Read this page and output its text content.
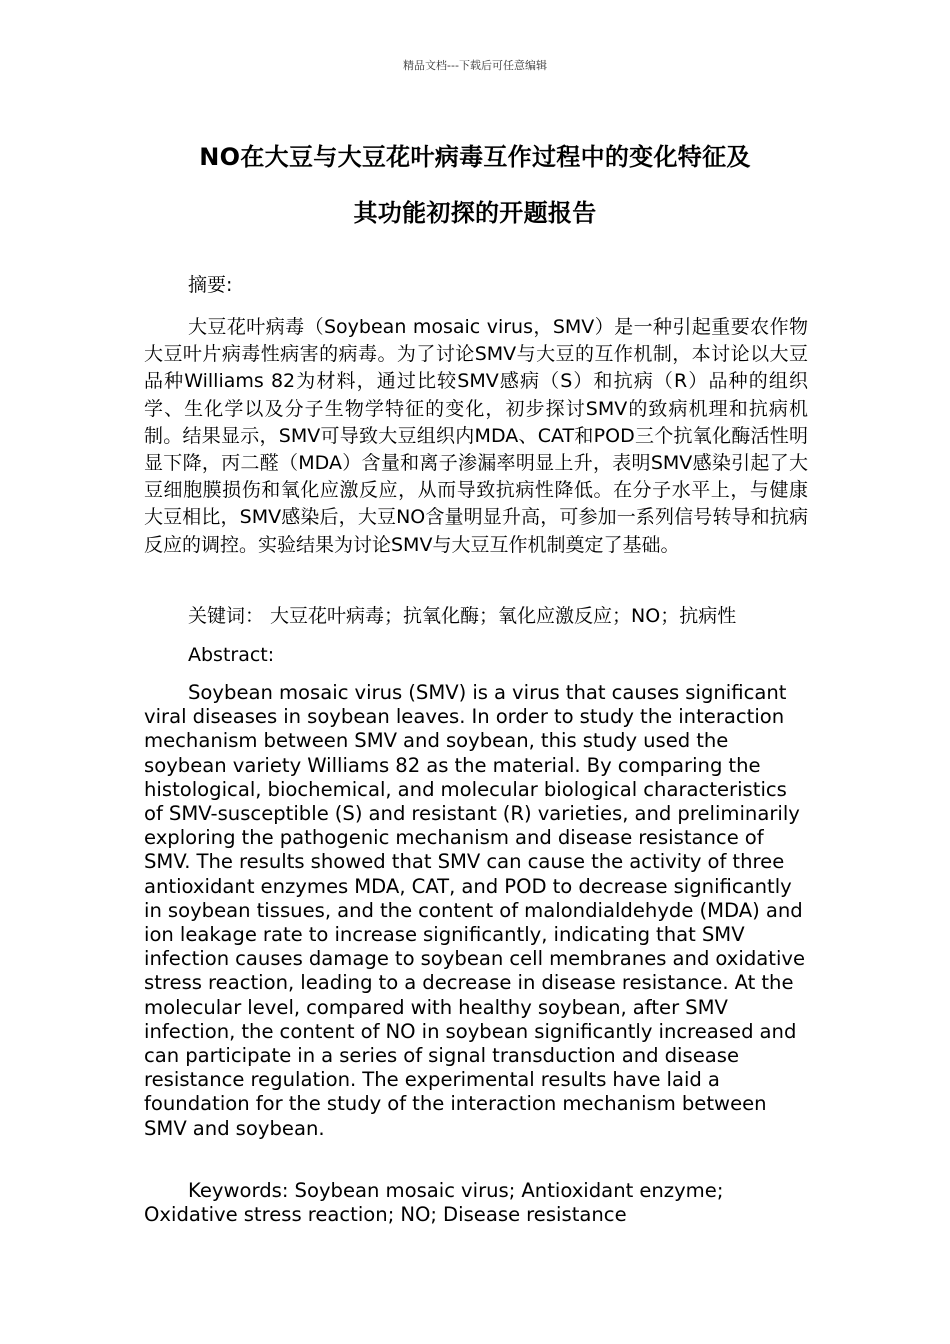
精品文档---下载后可任意编辑
NO在大豆与大豆花叶病毒互作过程中的变化特征及
其功能初探的开题报告

摘要:

大豆花叶病毒（Soybean mosaic virus，SMV）是一种引起重要农作物大豆叶片病毒性病害的病毒。为了讨论SMV与大豆的互作机制，本讨论以大豆品种Williams 82为材料，通过比较SMV感病（S）和抗病（R）品种的组织学、生化学以及分子生物学特征的变化，初步探讨SMV的致病机理和抗病机制。结果显示，SMV可导致大豆组织内MDA、CAT和POD三个抗氧化酶活性明显下降，丙二醛（MDA）含量和离子渗漏率明显上升，表明SMV感染引起了大豆细胞膜损伤和氧化应激反应，从而导致抗病性降低。在分子水平上，与健康大豆相比，SMV感染后，大豆NO含量明显升高，可参加一系列信号转导和抗病反应的调控。实验结果为讨论SMV与大豆互作机制奠定了基础。

关键词： 大豆花叶病毒；抗氧化酶；氧化应激反应；NO；抗病性

Abstract:

Soybean mosaic virus (SMV) is a virus that causes significant viral diseases in soybean leaves. In order to study the interaction mechanism between SMV and soybean, this study used the soybean variety Williams 82 as the material. By comparing the histological, biochemical, and molecular biological characteristics of SMV-susceptible (S) and resistant (R) varieties, and preliminarily exploring the pathogenic mechanism and disease resistance of SMV. The results showed that SMV can cause the activity of three antioxidant enzymes MDA, CAT, and POD to decrease significantly in soybean tissues, and the content of malondialdehyde (MDA) and ion leakage rate to increase significantly, indicating that SMV infection causes damage to soybean cell membranes and oxidative stress reaction, leading to a decrease in disease resistance. At the molecular level, compared with healthy soybean, after SMV infection, the content of NO in soybean significantly increased and can participate in a series of signal transduction and disease resistance regulation. The experimental results have laid a foundation for the study of the interaction mechanism between SMV and soybean.

Keywords: Soybean mosaic virus; Antioxidant enzyme; Oxidative stress reaction; NO; Disease resistance
